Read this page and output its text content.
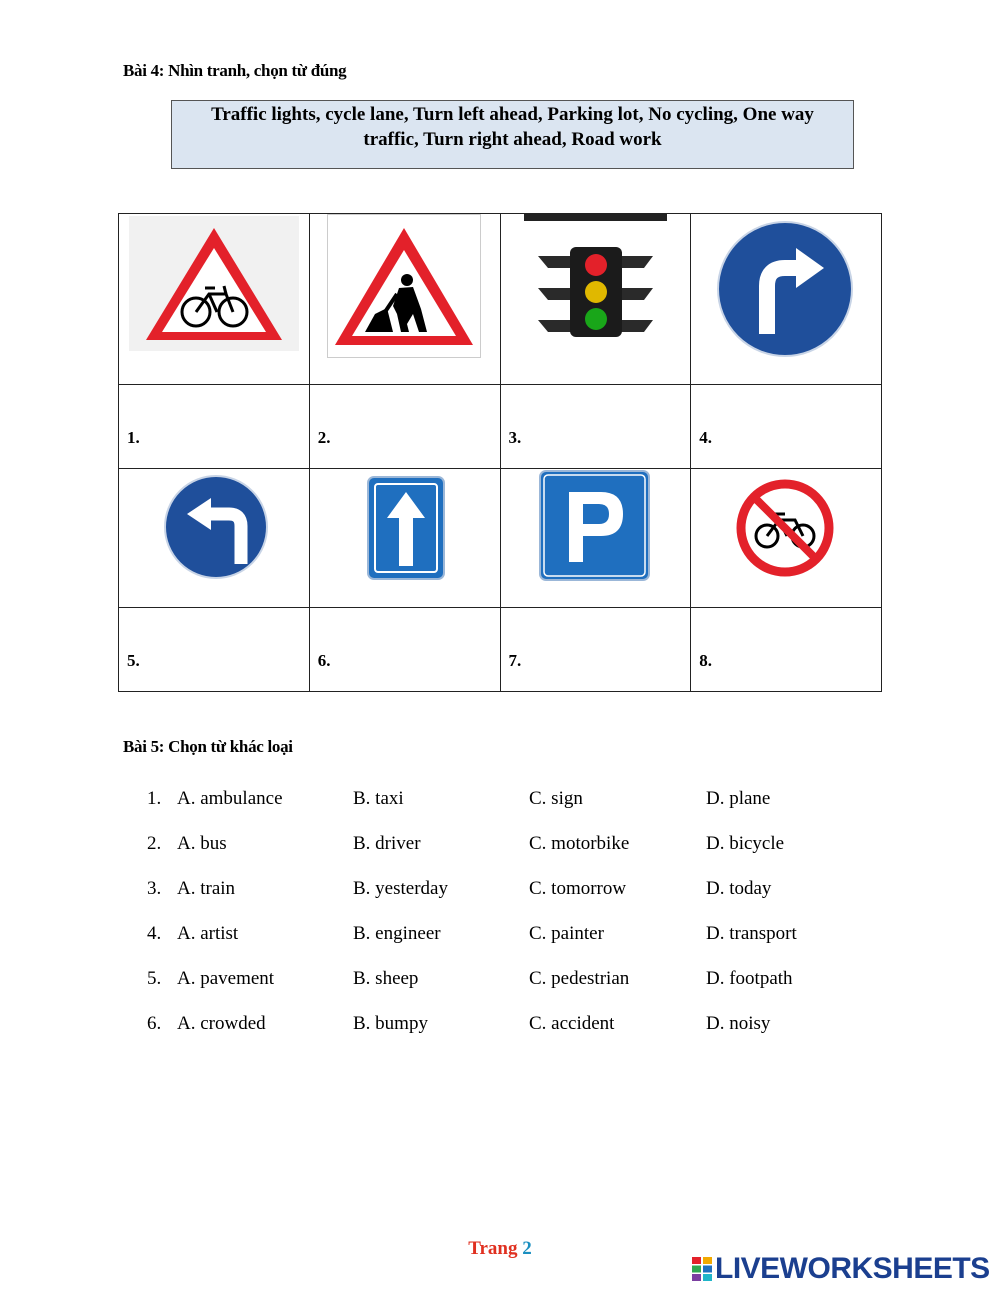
Bài 4: Nhìn tranh, chọn từ đúng
Traffic lights, cycle lane, Turn left ahead, Parking lot, No cycling, One way traffic, Turn right ahead, Road work

1.	2.	3.	4.

5.	6.	7.	8.
Bài 5: Chọn từ khác loại
1. A. ambulance	B. taxi	C. sign	D. plane
2. A. bus	B. driver	C. motorbike	D. bicycle
3. A. train	B. yesterday	C. tomorrow	D. today
4. A. artist	B. engineer	C. painter	D. transport
5. A. pavement	B. sheep	C. pedestrian	D. footpath
6. A. crowded	B. bumpy	C. accident	D. noisy
Trang 2
LIVEWORKSHEETS
